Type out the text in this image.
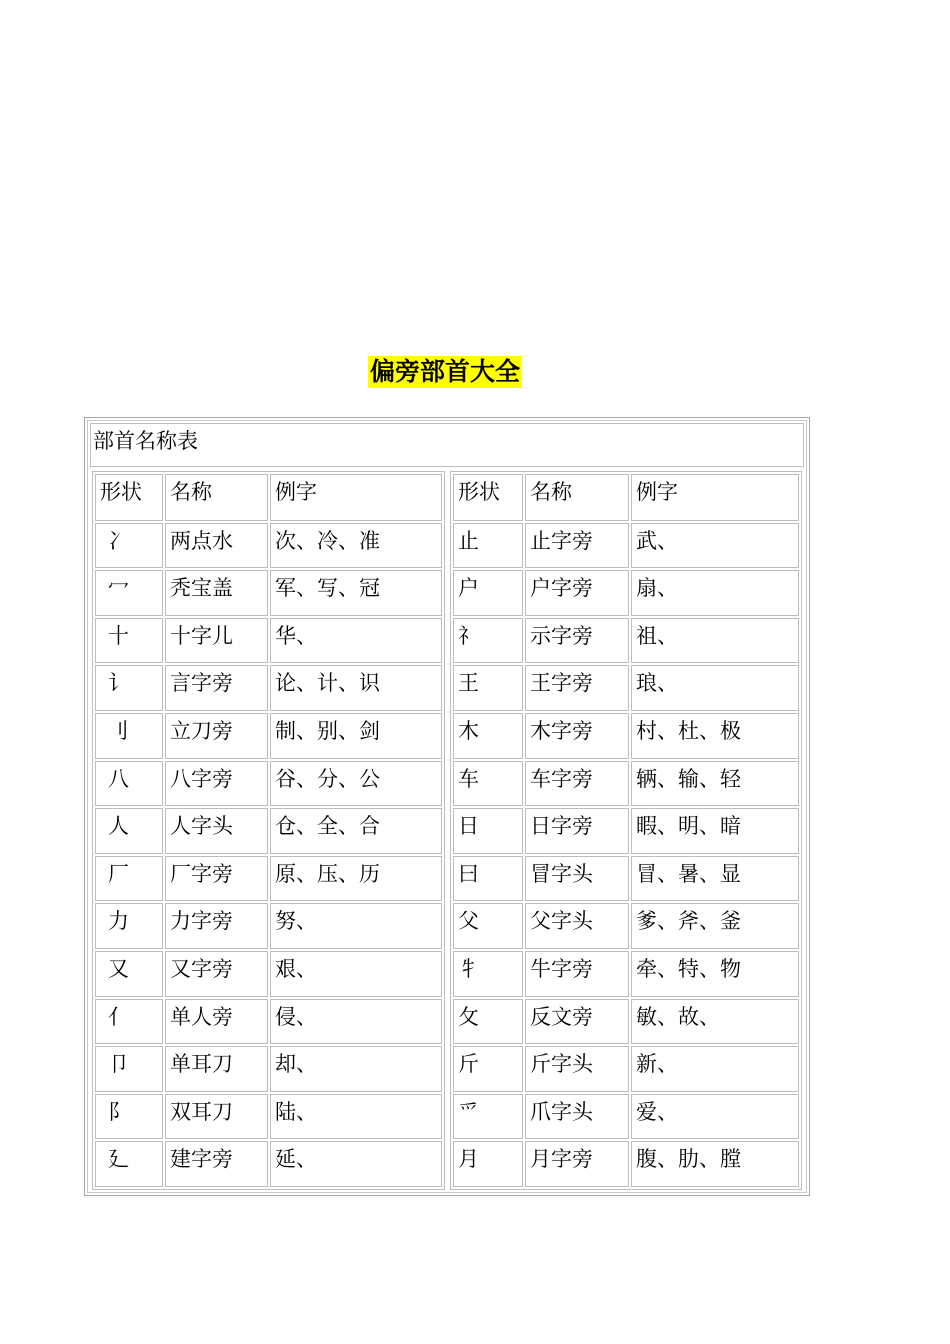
偏旁部首大全
部首名称表
形状	名称	例字
冫	两点水	次、冷、准
冖	秃宝盖	军、写、冠
十	十字儿	华、
讠	言字旁	论、计、识
刂	立刀旁	制、别、剑
八	八字旁	谷、分、公
人	人字头	仓、全、合
厂	厂字旁	原、压、历
力	力字旁	努、
又	又字旁	艰、
亻	单人旁	侵、
卩	单耳刀	却、
阝	双耳刀	陆、
廴	建字旁	延、
形状	名称	例字
止	止字旁	武、
户	户字旁	扇、
礻	示字旁	祖、
王	王字旁	琅、
木	木字旁	村、杜、极
车	车字旁	辆、输、轻
日	日字旁	暇、明、暗
曰	冒字头	冒、暑、显
父	父字头	爹、斧、釜
牜	牛字旁	牵、特、物
攵	反文旁	敏、故、
斤	斤字头	新、
爫	爪字头	爱、
月	月字旁	腹、肋、膛
